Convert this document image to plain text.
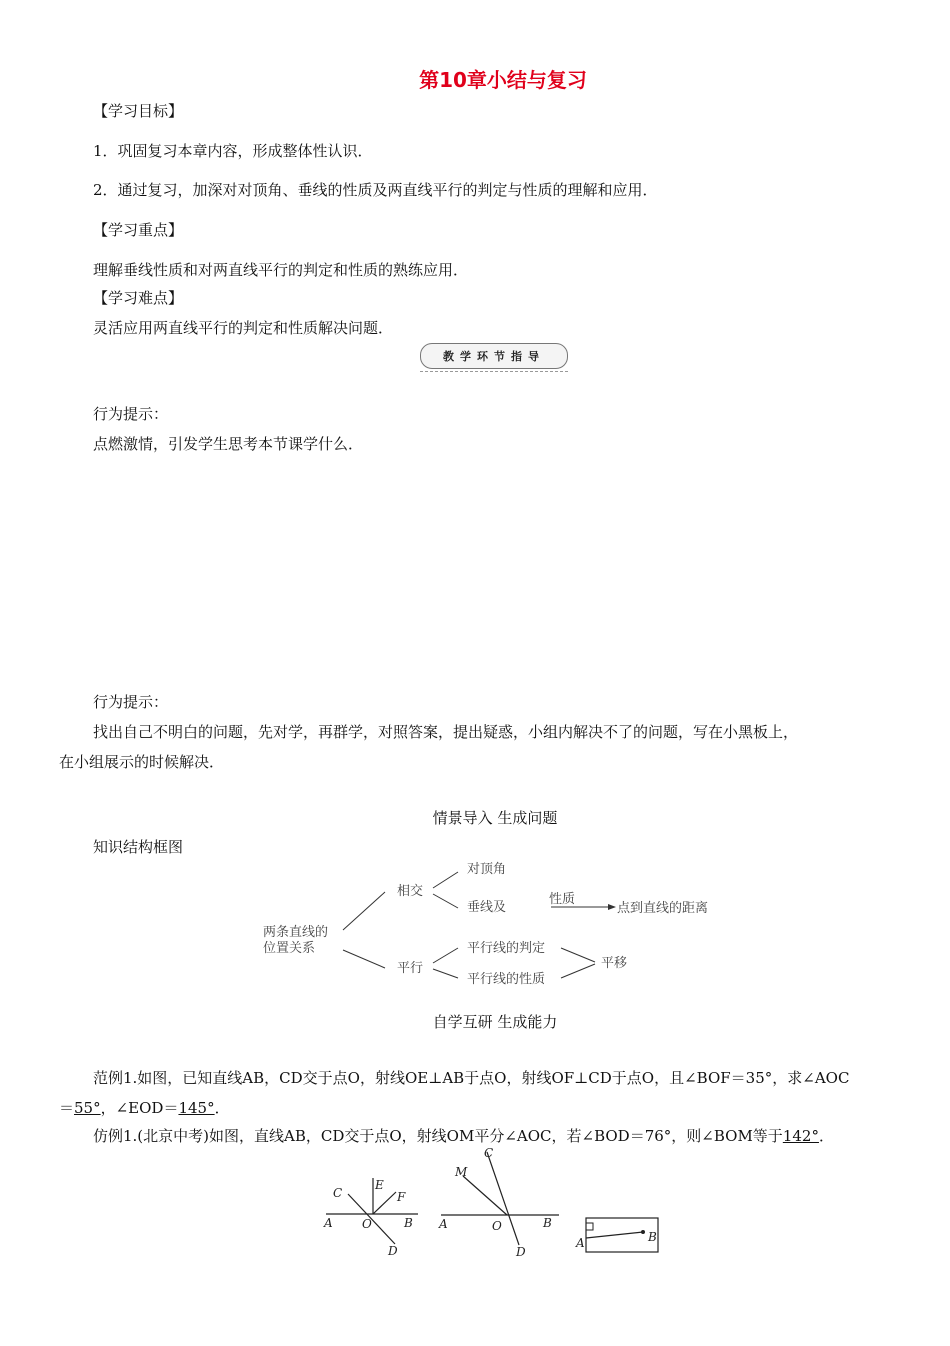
第10章小结与复习
【学习目标】
1．巩固复习本章内容，形成整体性认识．
2．通过复习，加深对对顶角、垂线的性质及两直线平行的判定与性质的理解和应用．
【学习重点】
理解垂线性质和对两直线平行的判定和性质的熟练应用．
【学习难点】
灵活应用两直线平行的判定和性质解决问题．
教学环节指导
行为提示：
点燃激情，引发学生思考本节课学什么．
行为提示：
找出自己不明白的问题，先对学，再群学，对照答案，提出疑惑，小组内解决不了的问题，写在小黑板上，
在小组展示的时候解决．
情景导入 生成问题
知识结构框图
两条直线的
位置关系
相交
对顶角
垂线及
性质
点到直线的距离
平行
平行线的判定
平行线的性质
平移
自学互研 生成能力
范例1.如图，已知直线AB，CD交于点O，射线OE⊥AB于点O，射线OF⊥CD于点O，且∠BOF＝35°，求∠AOC
＝55°，∠EOD＝145°．
仿例1.(北京中考)如图，直线AB，CD交于点O，射线OM平分∠AOC，若∠BOD＝76°，则∠BOM等于142°．
A	B
C
D
E
F
O	A	B
C
D
M
O
A	B
